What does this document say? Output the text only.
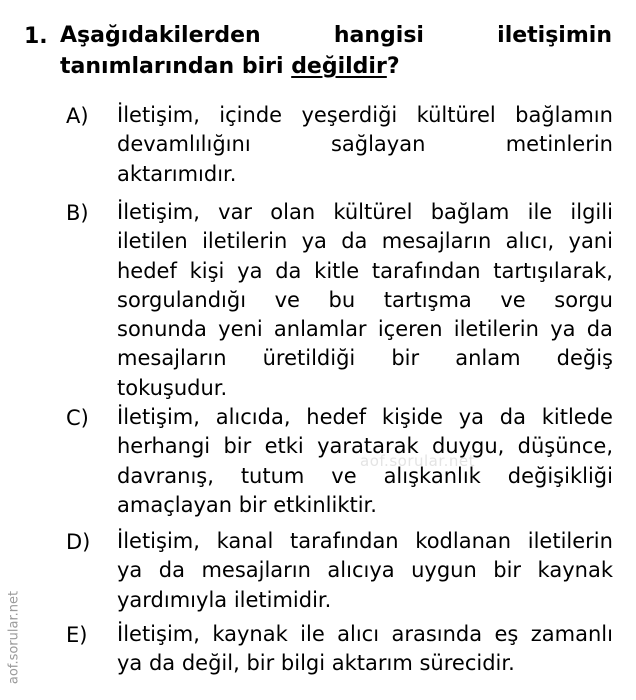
1. Aşağıdakilerden	hangisi	iletişimin
tanımlarından biri değildir?
A) İletişim, içinde yeşerdiği kültürel bağlamın
devamlılığını	sağlayan	metinlerin
aktarımıdır.
B) İletişim, var olan kültürel bağlam ile ilgili
iletilen iletilerin ya da mesajların alıcı, yani
hedef kişi ya da kitle tarafından tartışılarak,
sorgulandığı ve bu tartışma ve sorgu
sonunda yeni anlamlar içeren iletilerin ya da
mesajların üretildiği bir anlam değiş
tokuşudur.
C) İletişim, alıcıda, hedef kişide ya da kitlede
herhangi bir etki yaratarak duygu, düşünce,
davranış, tutum ve alışkanlık değişikliği
amaçlayan bir etkinliktir.
D) İletişim, kanal tarafından kodlanan iletilerin
ya da mesajların alıcıya uygun bir kaynak
yardımıyla iletimidir.
E) İletişim, kaynak ile alıcı arasında eş zamanlı
ya da değil, bir bilgi aktarım sürecidir.
aof.sorular.net
aof.sorular.net
